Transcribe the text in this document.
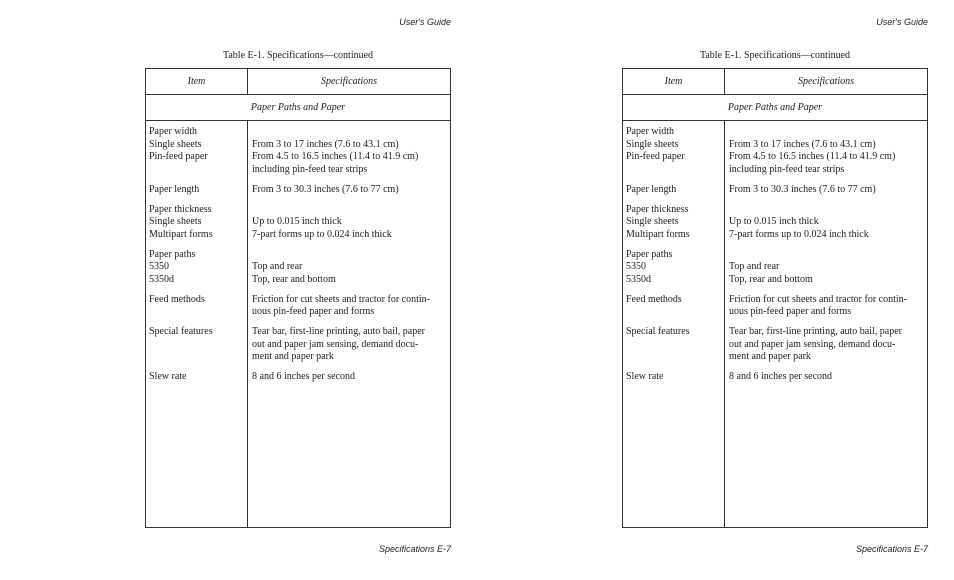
User's Guide
Table E-1. Specifications—continued
Item	Specifications
Paper Paths and Paper
Paper width
Single sheets	From 3 to 17 inches (7.6 to 43.1 cm)
Pin-feed paper	From 4.5 to 16.5 inches (11.4 to 41.9 cm)
including pin-feed tear strips
Paper length	From 3 to 30.3 inches (7.6 to 77 cm)
Paper thickness
Single sheets	Up to 0.015 inch thick
Multipart forms	7-part forms up to 0.024 inch thick
Paper paths
5350	Top and rear
5350d	Top, rear and bottom
Feed methods	Friction for cut sheets and tractor for contin-
uous pin-feed paper and forms
Special features	Tear bar, first-line printing, auto bail, paper
out and paper jam sensing, demand docu-
ment and paper park
Slew rate	8 and 6 inches per second
Specifications E-7
User's Guide
Table E-1. Specifications—continued
Item	Specifications
Paper Paths and Paper
Paper width
Single sheets	From 3 to 17 inches (7.6 to 43.1 cm)
Pin-feed paper	From 4.5 to 16.5 inches (11.4 to 41.9 cm)
including pin-feed tear strips
Paper length	From 3 to 30.3 inches (7.6 to 77 cm)
Paper thickness
Single sheets	Up to 0.015 inch thick
Multipart forms	7-part forms up to 0.024 inch thick
Paper paths
5350	Top and rear
5350d	Top, rear and bottom
Feed methods	Friction for cut sheets and tractor for contin-
uous pin-feed paper and forms
Special features	Tear bar, first-line printing, auto bail, paper
out and paper jam sensing, demand docu-
ment and paper park
Slew rate	8 and 6 inches per second
Specifications E-7
